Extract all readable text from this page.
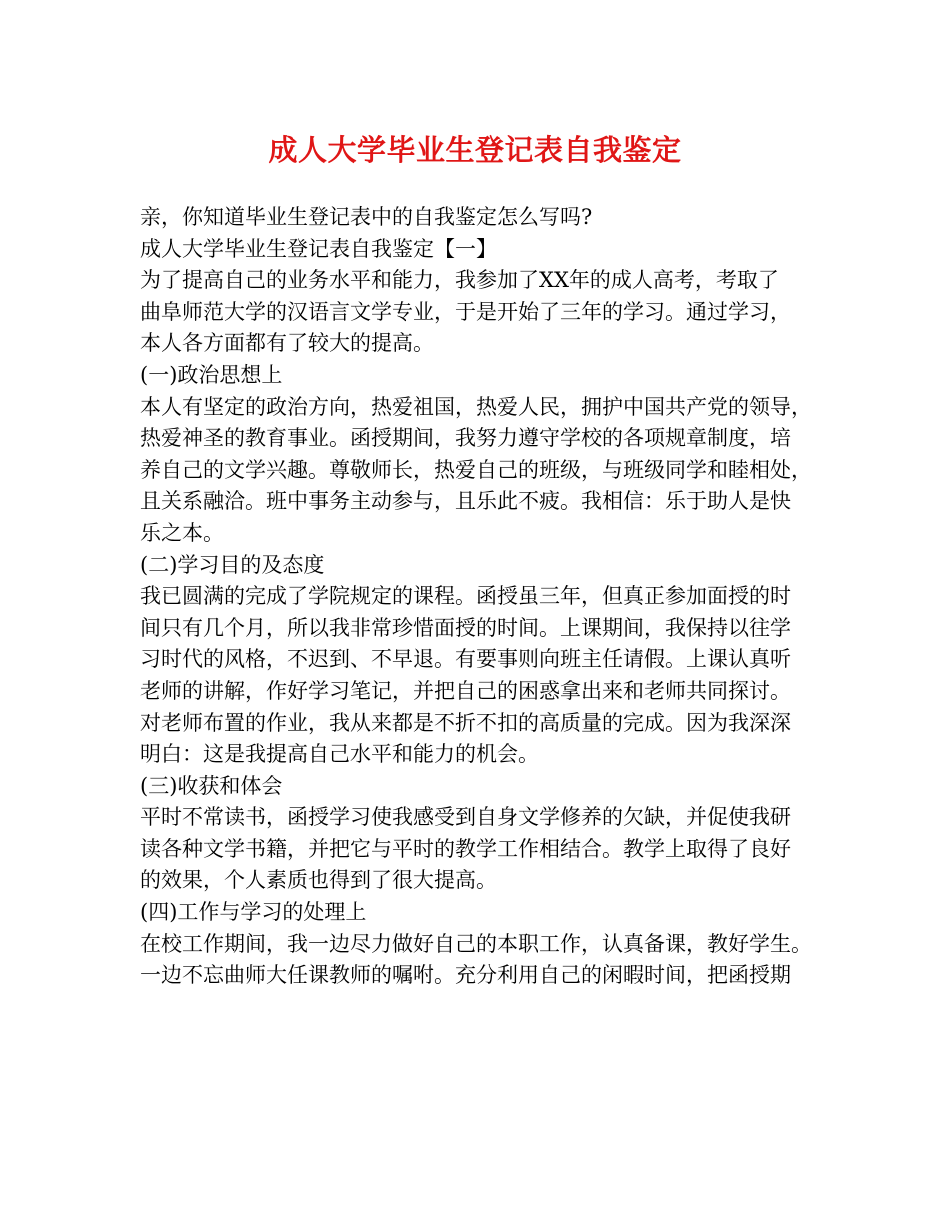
成人大学毕业生登记表自我鉴定
亲，你知道毕业生登记表中的自我鉴定怎么写吗?
成人大学毕业生登记表自我鉴定【一】
为了提高自己的业务水平和能力，我参加了XX年的成人高考，考取了
曲阜师范大学的汉语言文学专业，于是开始了三年的学习。通过学习，
本人各方面都有了较大的提高。
(一)政治思想上
本人有坚定的政治方向，热爱祖国，热爱人民，拥护中国共产党的领导，
热爱神圣的教育事业。函授期间，我努力遵守学校的各项规章制度，培
养自己的文学兴趣。尊敬师长，热爱自己的班级，与班级同学和睦相处，
且关系融洽。班中事务主动参与，且乐此不疲。我相信：乐于助人是快
乐之本。
(二)学习目的及态度
我已圆满的完成了学院规定的课程。函授虽三年，但真正参加面授的时
间只有几个月，所以我非常珍惜面授的时间。上课期间，我保持以往学
习时代的风格，不迟到、不早退。有要事则向班主任请假。上课认真听
老师的讲解，作好学习笔记，并把自己的困惑拿出来和老师共同探讨。
对老师布置的作业，我从来都是不折不扣的高质量的完成。因为我深深
明白：这是我提高自己水平和能力的机会。
(三)收获和体会
平时不常读书，函授学习使我感受到自身文学修养的欠缺，并促使我研
读各种文学书籍，并把它与平时的教学工作相结合。教学上取得了良好
的效果，个人素质也得到了很大提高。
(四)工作与学习的处理上
在校工作期间，我一边尽力做好自己的本职工作，认真备课，教好学生。
一边不忘曲师大任课教师的嘱咐。充分利用自己的闲暇时间，把函授期
